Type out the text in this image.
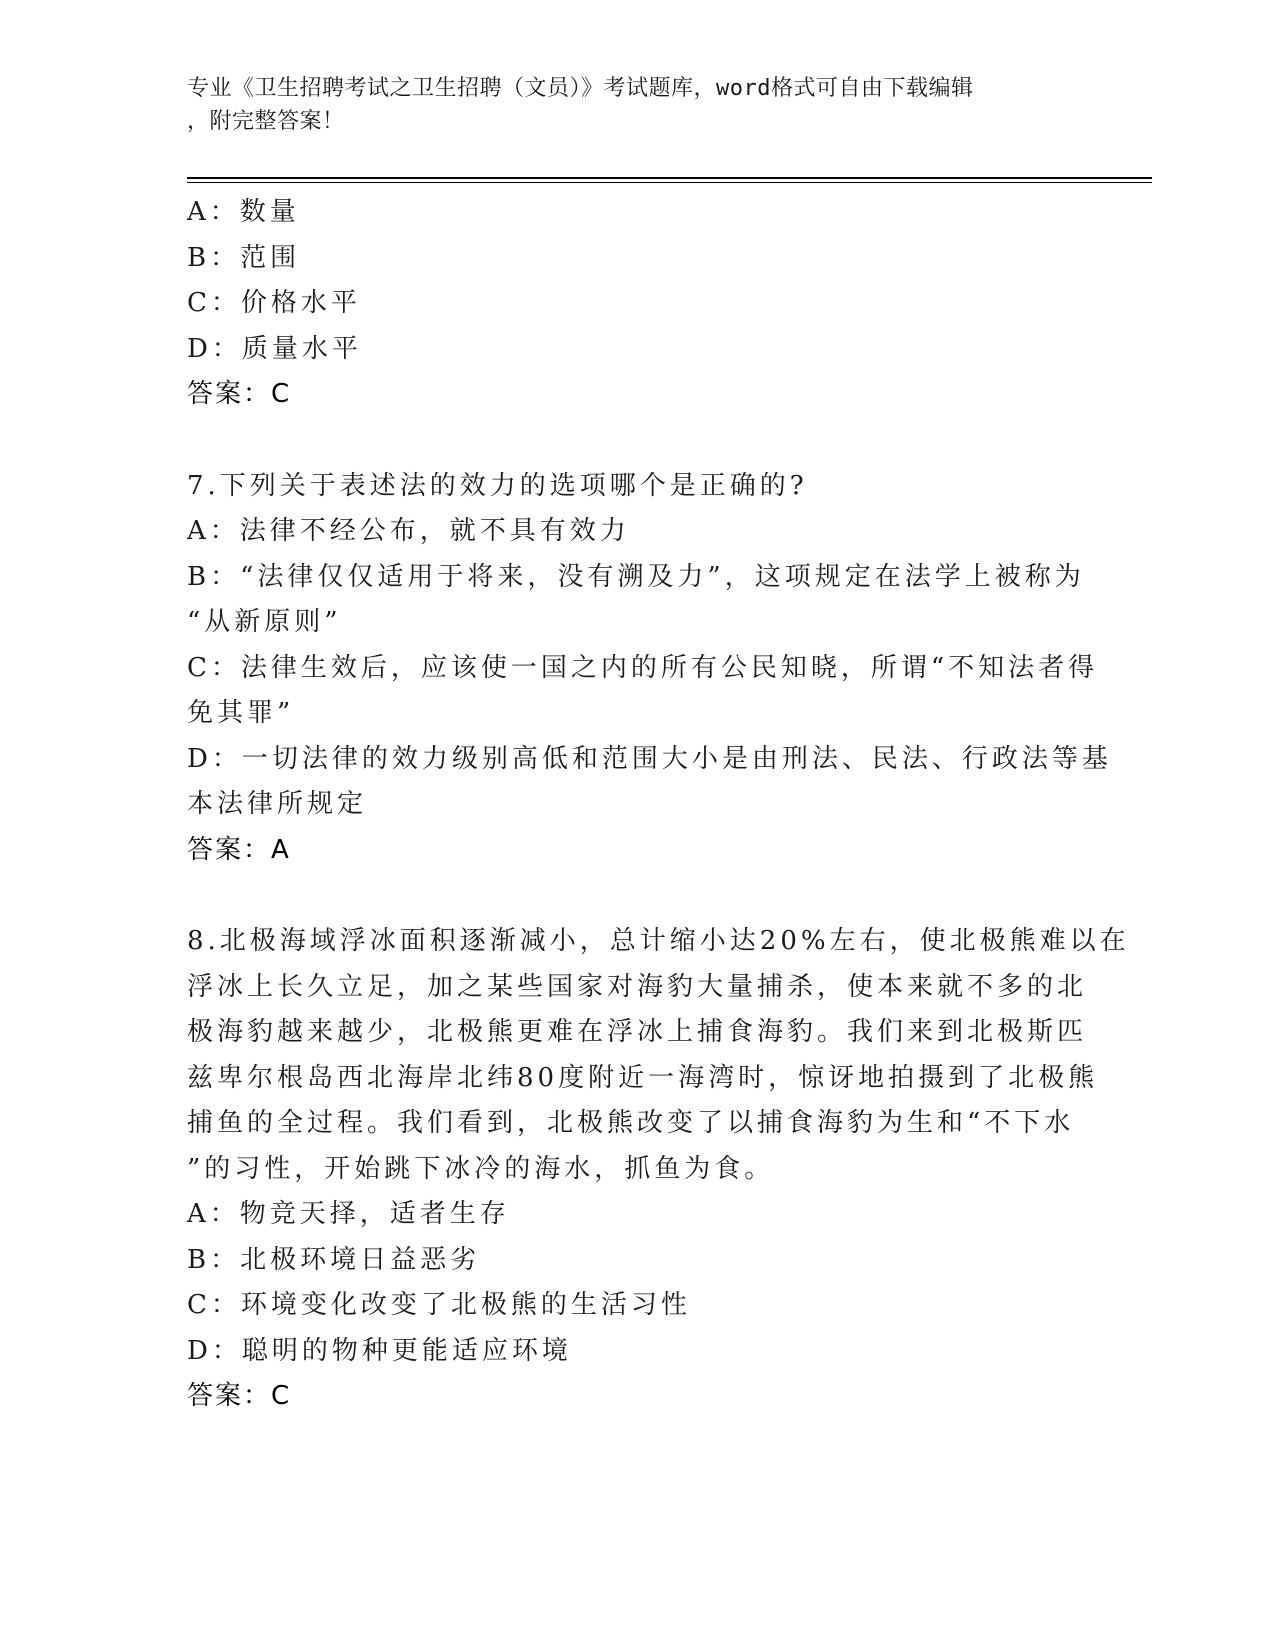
专业《卫生招聘考试之卫生招聘（文员）》考试题库，word格式可自由下载编辑
，附完整答案！
A：数量
B：范围
C：价格水平
D：质量水平
答案：C
7.下列关于表述法的效力的选项哪个是正确的?
A：法律不经公布，就不具有效力
B：“法律仅仅适用于将来，没有溯及力”，这项规定在法学上被称为
“从新原则”
C：法律生效后，应该使一国之内的所有公民知晓，所谓“不知法者得
免其罪”
D：一切法律的效力级别高低和范围大小是由刑法、民法、行政法等基
本法律所规定
答案：A
8.北极海域浮冰面积逐渐减小，总计缩小达20%左右，使北极熊难以在
浮冰上长久立足，加之某些国家对海豹大量捕杀，使本来就不多的北
极海豹越来越少，北极熊更难在浮冰上捕食海豹。我们来到北极斯匹
兹卑尔根岛西北海岸北纬80度附近一海湾时，惊讶地拍摄到了北极熊
捕鱼的全过程。我们看到，北极熊改变了以捕食海豹为生和“不下水
”的习性，开始跳下冰冷的海水，抓鱼为食。
A：物竞天择，适者生存
B：北极环境日益恶劣
C：环境变化改变了北极熊的生活习性
D：聪明的物种更能适应环境
答案：C
